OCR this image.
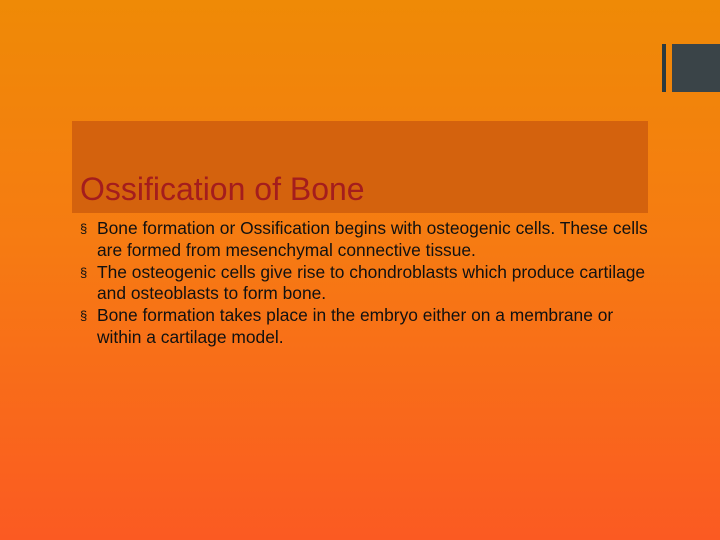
Ossification of Bone
§ Bone formation or Ossification begins with osteogenic cells. These cells are formed from mesenchymal connective tissue.
§ The osteogenic cells give rise to chondroblasts which produce cartilage and osteoblasts to form bone.
§ Bone formation takes place in the embryo either on a membrane or within a cartilage model.
